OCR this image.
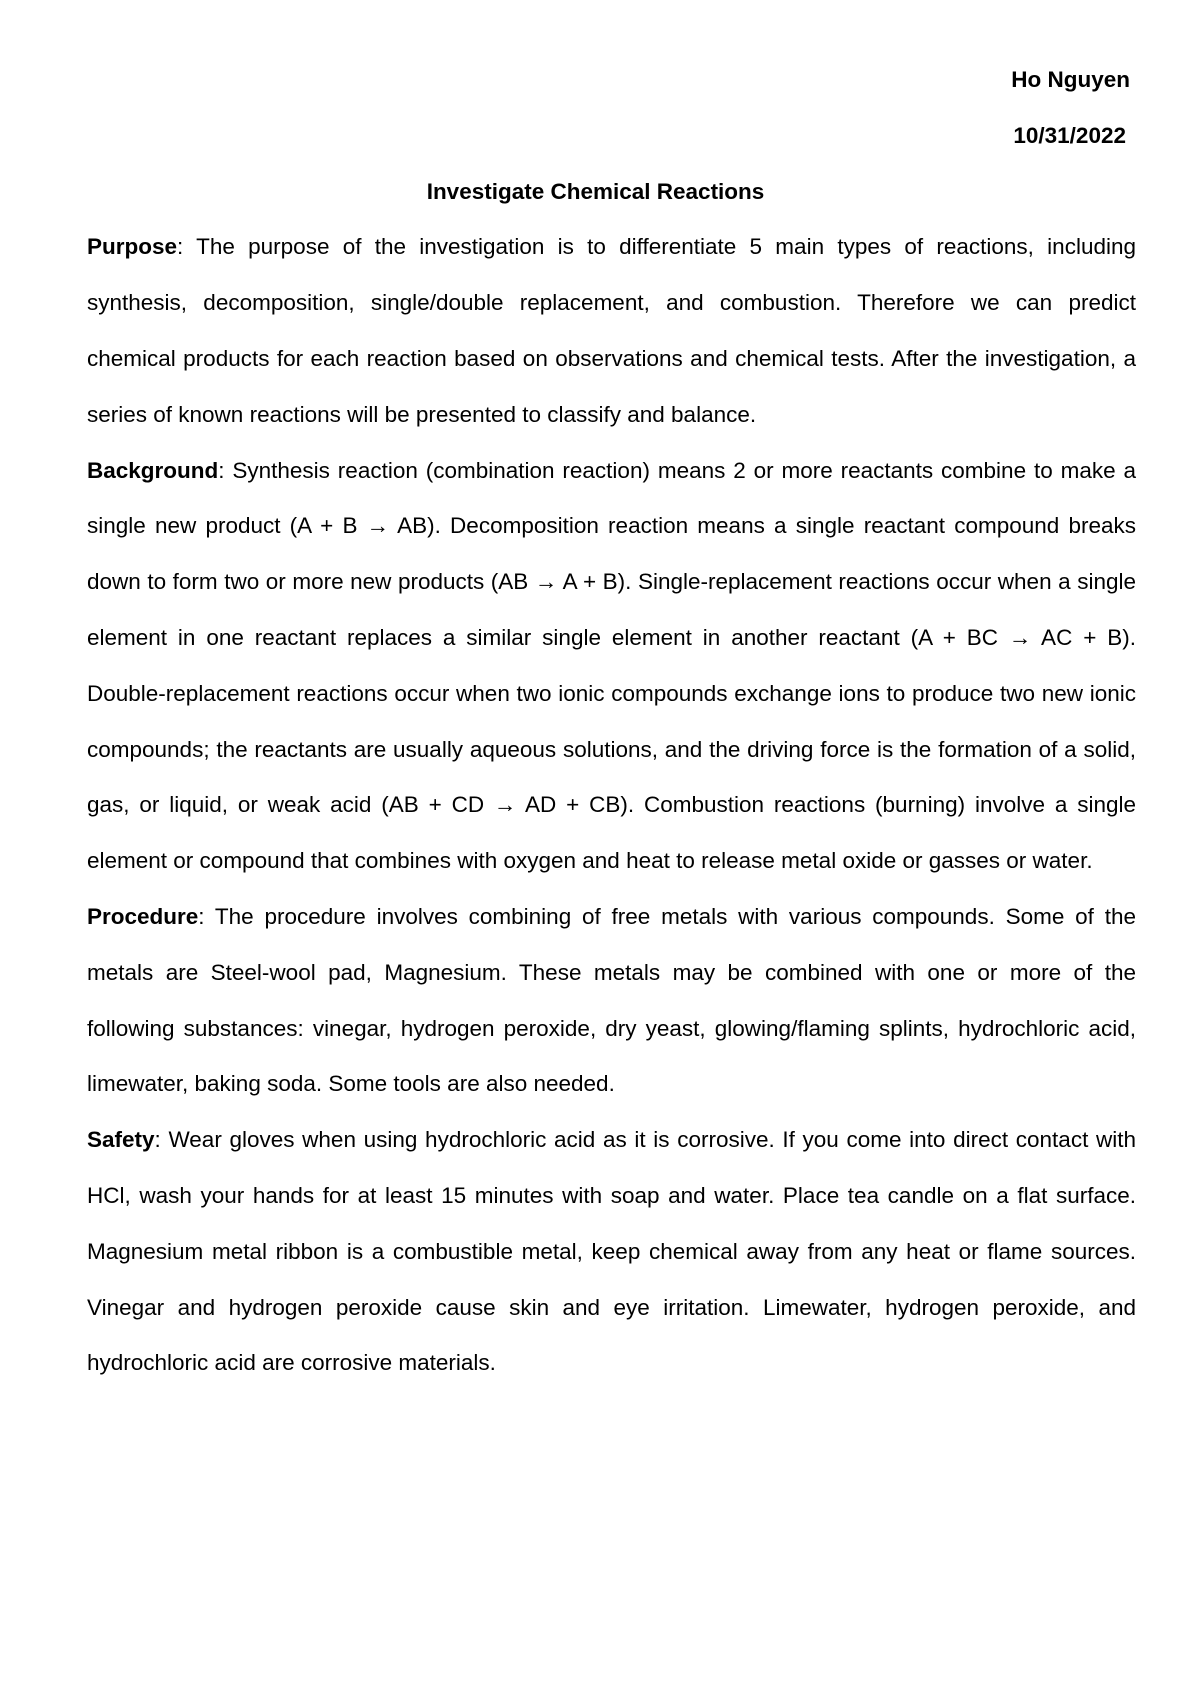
Ho Nguyen
10/31/2022
Investigate Chemical Reactions

Purpose: The purpose of the investigation is to differentiate 5 main types of reactions, including synthesis, decomposition, single/double replacement, and combustion. Therefore we can predict chemical products for each reaction based on observations and chemical tests. After the investigation, a series of known reactions will be presented to classify and balance.

Background: Synthesis reaction (combination reaction) means 2 or more reactants combine to make a single new product (A + B → AB). Decomposition reaction means a single reactant compound breaks down to form two or more new products (AB → A + B). Single-replacement reactions occur when a single element in one reactant replaces a similar single element in another reactant (A + BC → AC + B). Double-replacement reactions occur when two ionic compounds exchange ions to produce two new ionic compounds; the reactants are usually aqueous solutions, and the driving force is the formation of a solid, gas, or liquid, or weak acid (AB + CD → AD + CB). Combustion reactions (burning) involve a single element or compound that combines with oxygen and heat to release metal oxide or gasses or water.

Procedure: The procedure involves combining of free metals with various compounds. Some of the metals are Steel-wool pad, Magnesium. These metals may be combined with one or more of the following substances: vinegar, hydrogen peroxide, dry yeast, glowing/flaming splints, hydrochloric acid, limewater, baking soda. Some tools are also needed.

Safety: Wear gloves when using hydrochloric acid as it is corrosive. If you come into direct contact with HCl, wash your hands for at least 15 minutes with soap and water. Place tea candle on a flat surface. Magnesium metal ribbon is a combustible metal, keep chemical away from any heat or flame sources. Vinegar and hydrogen peroxide cause skin and eye irritation. Limewater, hydrogen peroxide, and hydrochloric acid are corrosive materials.
